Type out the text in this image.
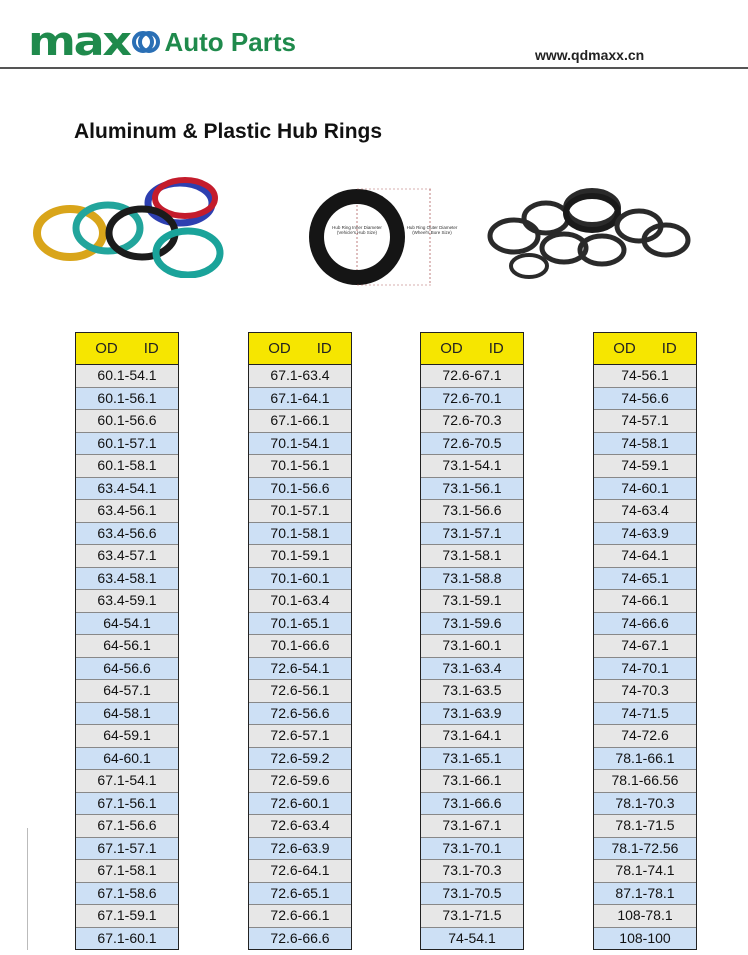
max Auto Parts	www.qdmaxx.cn
Aluminum & Plastic Hub Rings
Hub Ring Inner Diameter (Vehicle's Hub Size)
Hub Ring Outer Diameter (Wheel's Bore Size)
OD ID
60.1-54.1
60.1-56.1
60.1-56.6
60.1-57.1
60.1-58.1
63.4-54.1
63.4-56.1
63.4-56.6
63.4-57.1
63.4-58.1
63.4-59.1
64-54.1
64-56.1
64-56.6
64-57.1
64-58.1
64-59.1
64-60.1
67.1-54.1
67.1-56.1
67.1-56.6
67.1-57.1
67.1-58.1
67.1-58.6
67.1-59.1
67.1-60.1
OD ID
67.1-63.4
67.1-64.1
67.1-66.1
70.1-54.1
70.1-56.1
70.1-56.6
70.1-57.1
70.1-58.1
70.1-59.1
70.1-60.1
70.1-63.4
70.1-65.1
70.1-66.6
72.6-54.1
72.6-56.1
72.6-56.6
72.6-57.1
72.6-59.2
72.6-59.6
72.6-60.1
72.6-63.4
72.6-63.9
72.6-64.1
72.6-65.1
72.6-66.1
72.6-66.6
OD ID
72.6-67.1
72.6-70.1
72.6-70.3
72.6-70.5
73.1-54.1
73.1-56.1
73.1-56.6
73.1-57.1
73.1-58.1
73.1-58.8
73.1-59.1
73.1-59.6
73.1-60.1
73.1-63.4
73.1-63.5
73.1-63.9
73.1-64.1
73.1-65.1
73.1-66.1
73.1-66.6
73.1-67.1
73.1-70.1
73.1-70.3
73.1-70.5
73.1-71.5
74-54.1
OD ID
74-56.1
74-56.6
74-57.1
74-58.1
74-59.1
74-60.1
74-63.4
74-63.9
74-64.1
74-65.1
74-66.1
74-66.6
74-67.1
74-70.1
74-70.3
74-71.5
74-72.6
78.1-66.1
78.1-66.56
78.1-70.3
78.1-71.5
78.1-72.56
78.1-74.1
87.1-78.1
108-78.1
108-100
